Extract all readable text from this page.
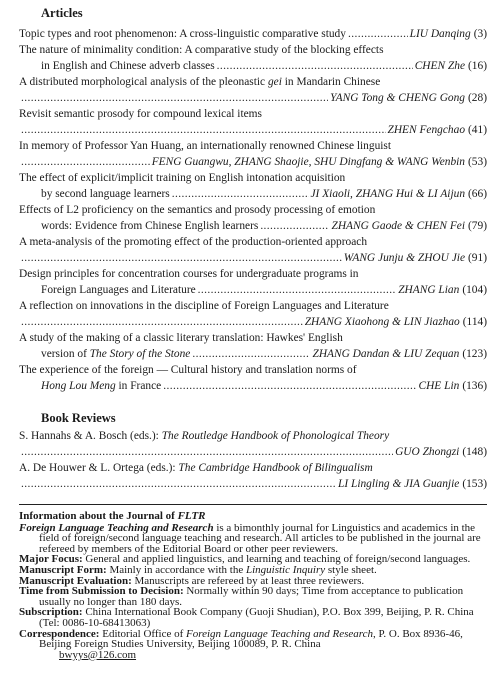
Articles
Topic types and root phenomenon: A cross-linguistic comparative study .....	LIU Danqing (3)
The nature of minimality condition: A comparative study of the blocking effects
in English and Chinese adverb classes .....	CHEN Zhe (16)
A distributed morphological analysis of the pleonastic gei in Mandarin Chinese
.....
YANG Tong & CHENG Gong (28)
Revisit semantic prosody for compound lexical items
.....
ZHEN Fengchao (41)
In memory of Professor Yan Huang, an internationally renowned Chinese linguist
.....
FENG Guangwu, ZHANG Shaojie, SHU Dingfang & WANG Wenbin (53)
The effect of explicit/implicit training on English intonation acquisition
by second language learners .....	JI Xiaoli, ZHANG Hui & LI Aijun (66)
Effects of L2 proficiency on the semantics and prosody processing of emotion
words: Evidence from Chinese English learners .....	ZHANG Gaode & CHEN Fei (79)
A meta-analysis of the promoting effect of the production-oriented approach
.....
WANG Junju & ZHOU Jie (91)
Design principles for concentration courses for undergraduate programs in
Foreign Languages and Literature .....	ZHANG Lian (104)
A reflection on innovations in the discipline of Foreign Languages and Literature
.....
ZHANG Xiaohong & LIN Jiazhao (114)
A study of the making of a classic literary translation: Hawkes' English
version of The Story of the Stone .....	ZHANG Dandan & LIU Zequan (123)
The experience of the foreign — Cultural history and translation norms of
Hong Lou Meng in France .....	CHE Lin (136)
Book Reviews
S. Hannahs & A. Bosch (eds.): The Routledge Handbook of Phonological Theory
.....
GUO Zhongzi (148)
A. De Houwer & L. Ortega (eds.): The Cambridge Handbook of Bilingualism
.....
LI Lingling & JIA Guanjie (153)
Information about the Journal of FLTR

Foreign Language Teaching and Research is a bimonthly journal for Linguistics and academics in the field of foreign/second language teaching and research. All articles to be published in the journal are refereed by members of the Editorial Board or other peer reviewers.

Major Focus: General and applied linguistics, and learning and teaching of foreign/second languages.

Manuscript Form: Mainly in accordance with the Linguistic Inquiry style sheet.

Manuscript Evaluation: Manuscripts are refereed by at least three reviewers.

Time from Submission to Decision: Normally within 90 days; Time from acceptance to publication usually no longer than 180 days.

Subscription: China International Book Company (Guoji Shudian), P.O. Box 399, Beijing, P. R. China (Tel: 0086-10-68413063)

Correspondence: Editorial Office of Foreign Language Teaching and Research, P. O. Box 8936-46, Beijing Foreign Studies University, Beijing 100089, P. R. China
bwyys@126.com
